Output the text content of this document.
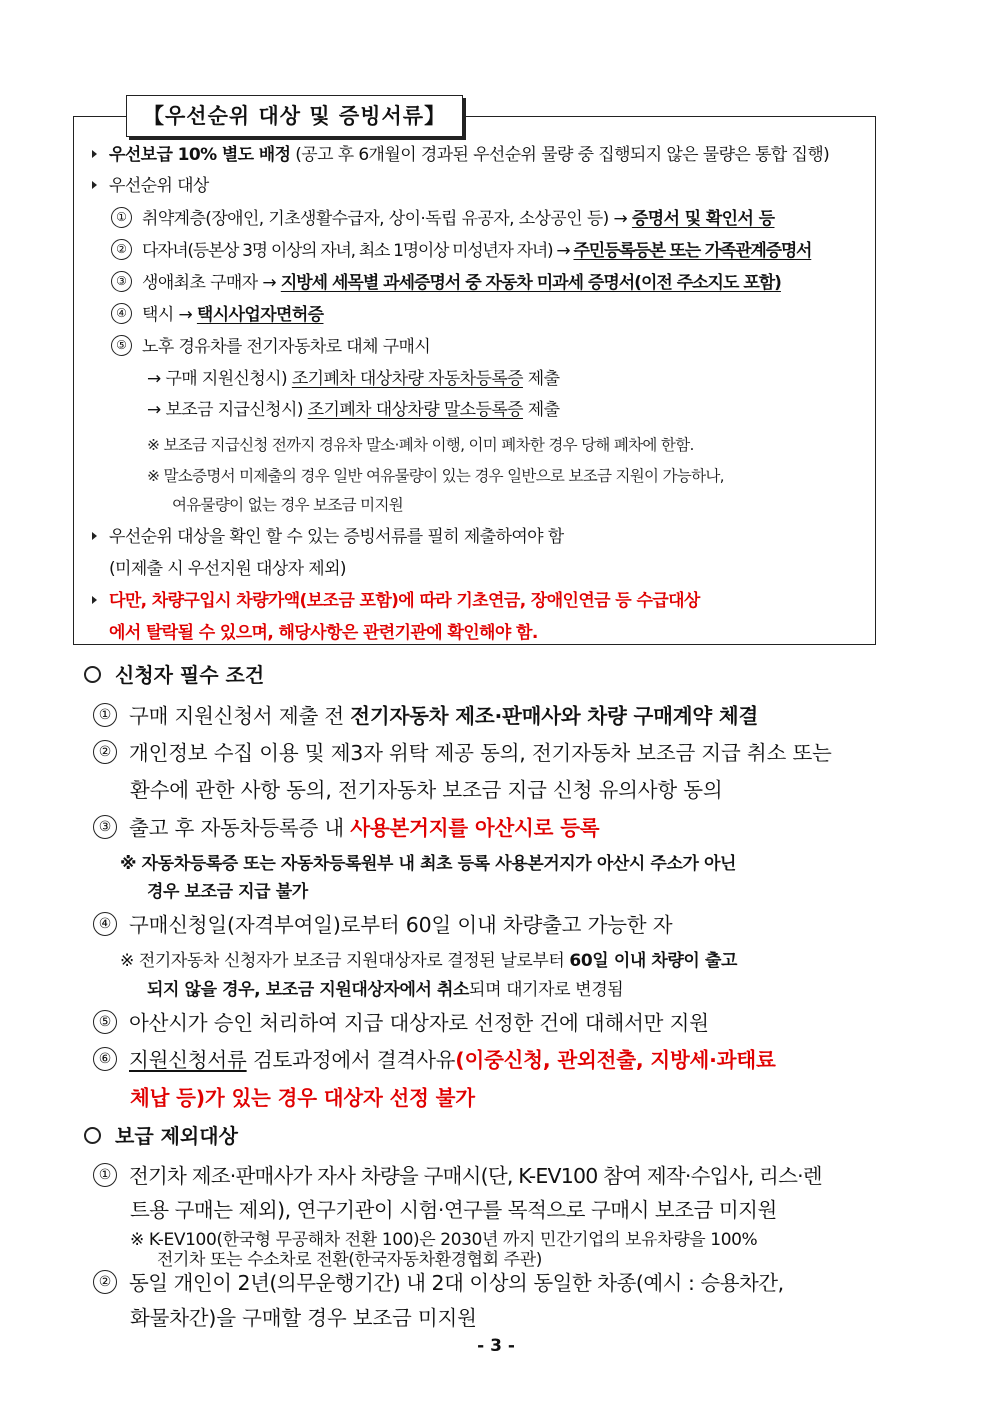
【우선순위 대상 및 증빙서류】
우선보급 10% 별도 배정 (공고 후 6개월이 경과된 우선순위 물량 중 집행되지 않은 물량은 통합 집행)
우선순위 대상
① 취약계층(장애인, 기초생활수급자, 상이·독립 유공자, 소상공인 등) → 증명서 및 확인서 등
② 다자녀(등본상 3명 이상의 자녀, 최소 1명이상 미성년자 자녀) → 주민등록등본 또는 가족관계증명서
③ 생애최초 구매자 → 지방세 세목별 과세증명서 중 자동차 미과세 증명서(이전 주소지도 포함)
④ 택시 → 택시사업자면허증
⑤ 노후 경유차를 전기자동차로 대체 구매시
→ 구매 지원신청시) 조기폐차 대상차량 자동차등록증 제출
→ 보조금 지급신청시) 조기폐차 대상차량 말소등록증 제출
※ 보조금 지급신청 전까지 경유차 말소·폐차 이행, 이미 폐차한 경우 당해 폐차에 한함.
※ 말소증명서 미제출의 경우 일반 여유물량이 있는 경우 일반으로 보조금 지원이 가능하나,
여유물량이 없는 경우 보조금 미지원
우선순위 대상을 확인 할 수 있는 증빙서류를 필히 제출하여야 함
(미제출 시 우선지원 대상자 제외)
다만, 차량구입시 차량가액(보조금 포함)에 따라 기초연금, 장애인연금 등 수급대상
에서 탈락될 수 있으며, 해당사항은 관련기관에 확인해야 함.
신청자 필수 조건
① 구매 지원신청서 제출 전 전기자동차 제조·판매사와 차량 구매계약 체결
② 개인정보 수집 이용 및 제3자 위탁 제공 동의, 전기자동차 보조금 지급 취소 또는
환수에 관한 사항 동의, 전기자동차 보조금 지급 신청 유의사항 동의
③ 출고 후 자동차등록증 내 사용본거지를 아산시로 등록
※ 자동차등록증 또는 자동차등록원부 내 최초 등록 사용본거지가 아산시 주소가 아닌
경우 보조금 지급 불가
④ 구매신청일(자격부여일)로부터 60일 이내 차량출고 가능한 자
※ 전기자동차 신청자가 보조금 지원대상자로 결정된 날로부터 60일 이내 차량이 출고
되지 않을 경우, 보조금 지원대상자에서 취소되며 대기자로 변경됨
⑤ 아산시가 승인 처리하여 지급 대상자로 선정한 건에 대해서만 지원
⑥ 지원신청서류 검토과정에서 결격사유(이중신청, 관외전출, 지방세·과태료
체납 등)가 있는 경우 대상자 선정 불가
보급 제외대상
① 전기차 제조·판매사가 자사 차량을 구매시(단, K-EV100 참여 제작·수입사, 리스·렌
트용 구매는 제외), 연구기관이 시험·연구를 목적으로 구매시 보조금 미지원
※ K-EV100(한국형 무공해차 전환 100)은 2030년 까지 민간기업의 보유차량을 100%
전기차 또는 수소차로 전환(한국자동차환경협회 주관)
② 동일 개인이 2년(의무운행기간) 내 2대 이상의 동일한 차종(예시 : 승용차간,
화물차간)을 구매할 경우 보조금 미지원
- 3 -
